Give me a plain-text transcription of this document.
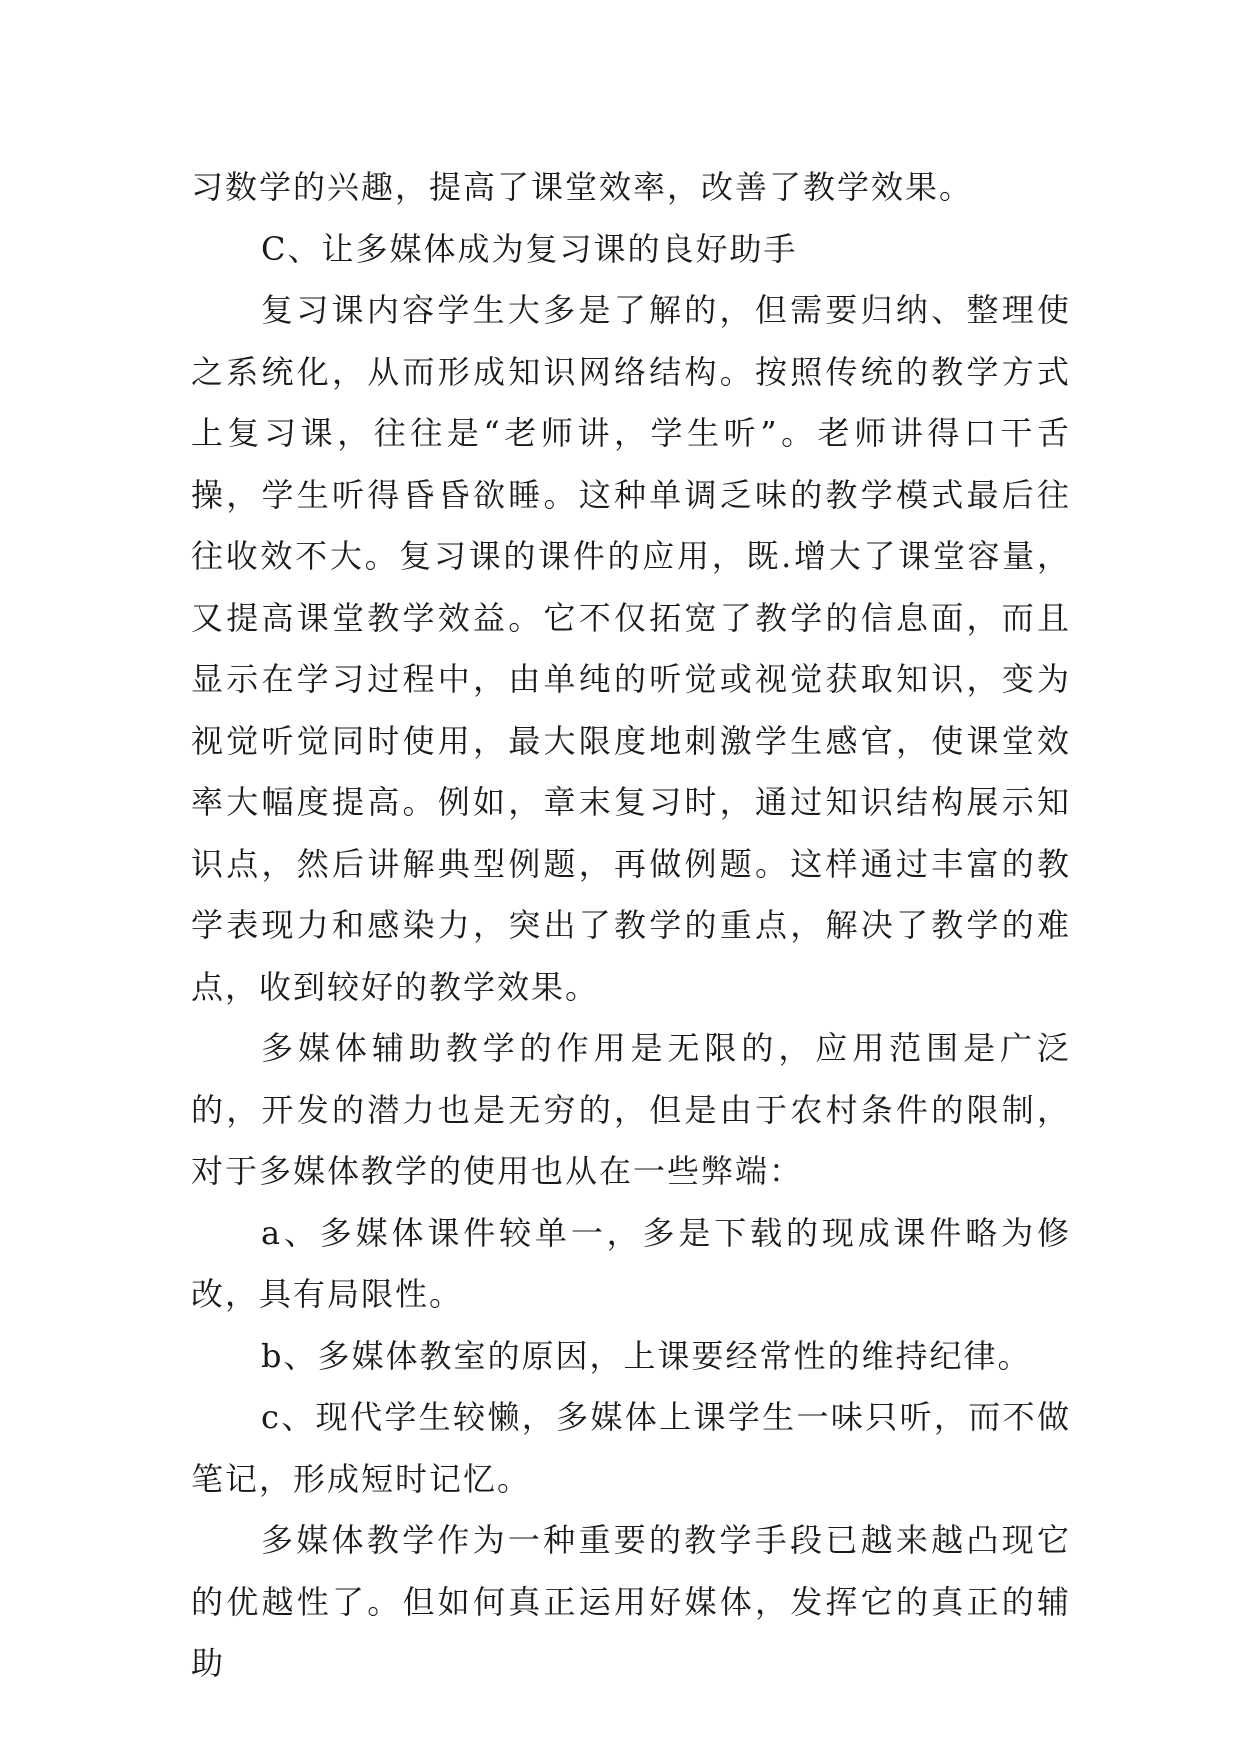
习数学的兴趣，提高了课堂效率，改善了教学效果。

C、让多媒体成为复习课的良好助手

复习课内容学生大多是了解的，但需要归纳、整理使之系统化，从而形成知识网络结构。按照传统的教学方式上复习课，往往是“老师讲，学生听”。老师讲得口干舌操，学生听得昏昏欲睡。这种单调乏味的教学模式最后往往收效不大。复习课的课件的应用，既.增大了课堂容量，又提高课堂教学效益。它不仅拓宽了教学的信息面，而且显示在学习过程中，由单纯的听觉或视觉获取知识，变为视觉听觉同时使用，最大限度地刺激学生感官，使课堂效率大幅度提高。例如，章末复习时，通过知识结构展示知识点，然后讲解典型例题，再做例题。这样通过丰富的教学表现力和感染力，突出了教学的重点，解决了教学的难点，收到较好的教学效果。

多媒体辅助教学的作用是无限的，应用范围是广泛的，开发的潜力也是无穷的，但是由于农村条件的限制，对于多媒体教学的使用也从在一些弊端：

a、多媒体课件较单一，多是下载的现成课件略为修改，具有局限性。

b、多媒体教室的原因，上课要经常性的维持纪律。

c、现代学生较懒，多媒体上课学生一味只听，而不做笔记，形成短时记忆。

多媒体教学作为一种重要的教学手段已越来越凸现它的优越性了。但如何真正运用好媒体，发挥它的真正的辅助
